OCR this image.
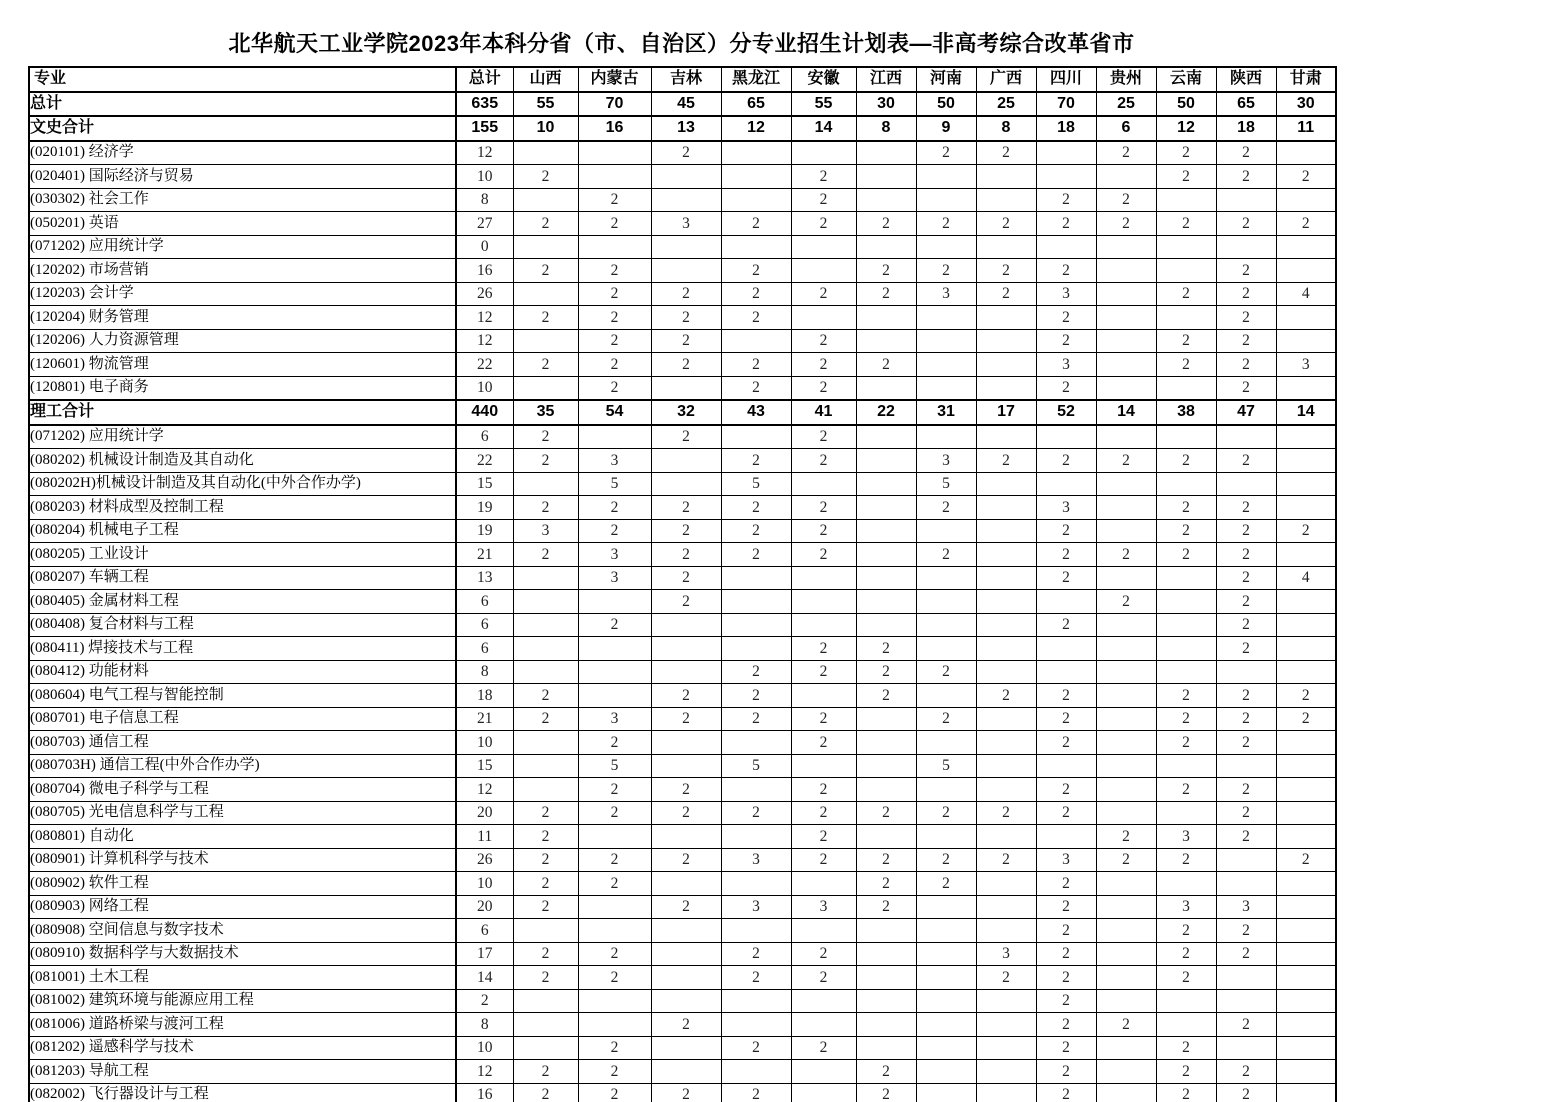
北华航天工业学院2023年本科分省（市、自治区）分专业招生计划表—非高考综合改革省市
专业	总计	山西	内蒙古	吉林	黑龙江	安徽	江西	河南	广西	四川	贵州	云南	陕西	甘肃
总计	635	55	70	45	65	55	30	50	25	70	25	50	65	30
文史合计	155	10	16	13	12	14	8	9	8	18	6	12	18	11
(020101) 经济学	12			2				2	2		2	2	2	
(020401) 国际经济与贸易	10	2				2						2	2	2
(030302) 社会工作	8		2			2				2	2			
(050201) 英语	27	2	2	3	2	2	2	2	2	2	2	2	2	2
(071202) 应用统计学	0													
(120202) 市场营销	16	2	2		2		2	2	2	2			2	
(120203) 会计学	26		2	2	2	2	2	3	2	3		2	2	4
(120204) 财务管理	12	2	2	2	2					2			2	
(120206) 人力资源管理	12		2	2		2				2		2	2	
(120601) 物流管理	22	2	2	2	2	2	2			3		2	2	3
(120801) 电子商务	10		2		2	2				2			2	
理工合计	440	35	54	32	43	41	22	31	17	52	14	38	47	14
(071202) 应用统计学	6	2		2		2								
(080202) 机械设计制造及其自动化	22	2	3		2	2		3	2	2	2	2	2	
(080202H)机械设计制造及其自动化(中外合作办学)	15		5		5			5						
(080203) 材料成型及控制工程	19	2	2	2	2	2		2		3		2	2	
(080204) 机械电子工程	19	3	2	2	2	2				2		2	2	2
(080205) 工业设计	21	2	3	2	2	2		2		2	2	2	2	
(080207) 车辆工程	13		3	2						2			2	4
(080405) 金属材料工程	6			2							2		2	
(080408) 复合材料与工程	6		2							2			2	
(080411) 焊接技术与工程	6					2	2						2	
(080412) 功能材料	8				2	2	2	2						
(080604) 电气工程与智能控制	18	2		2	2		2		2	2		2	2	2
(080701) 电子信息工程	21	2	3	2	2	2		2		2		2	2	2
(080703) 通信工程	10		2			2				2		2	2	
(080703H) 通信工程(中外合作办学)	15		5		5			5						
(080704) 微电子科学与工程	12		2	2		2				2		2	2	
(080705) 光电信息科学与工程	20	2	2	2	2	2	2	2	2	2			2	
(080801) 自动化	11	2				2					2	3	2	
(080901) 计算机科学与技术	26	2	2	2	3	2	2	2	2	3	2	2		2
(080902) 软件工程	10	2	2				2	2		2				
(080903) 网络工程	20	2		2	3	3	2			2		3	3	
(080908) 空间信息与数字技术	6									2		2	2	
(080910) 数据科学与大数据技术	17	2	2		2	2			3	2		2	2	
(081001) 土木工程	14	2	2		2	2			2	2		2		
(081002) 建筑环境与能源应用工程	2									2				
(081006) 道路桥梁与渡河工程	8			2						2	2		2	
(081202) 遥感科学与技术	10		2		2	2				2		2		
(081203) 导航工程	12	2	2				2			2		2	2	
(082002) 飞行器设计与工程	16	2	2	2	2		2			2		2	2	
